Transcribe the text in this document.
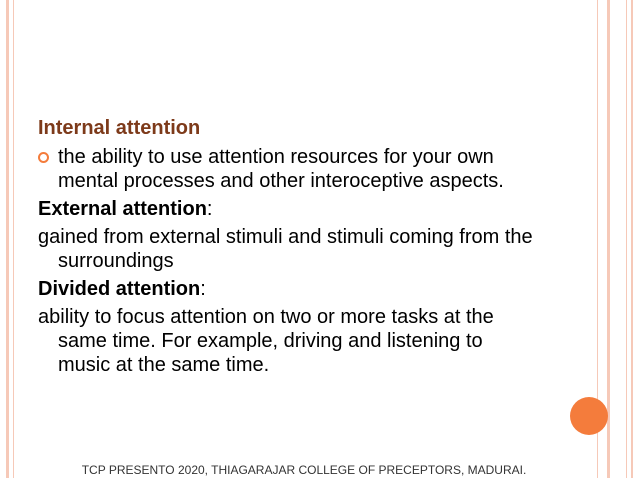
Internal attention
the ability to use attention resources for your own mental processes and other interoceptive aspects.
External attention:
gained from external stimuli and stimuli coming from the surroundings
Divided attention:
ability to focus attention on two or more tasks at the same time. For example, driving and listening to music at the same time.
TCP PRESENTO 2020, THIAGARAJAR COLLEGE OF PRECEPTORS, MADURAI.
